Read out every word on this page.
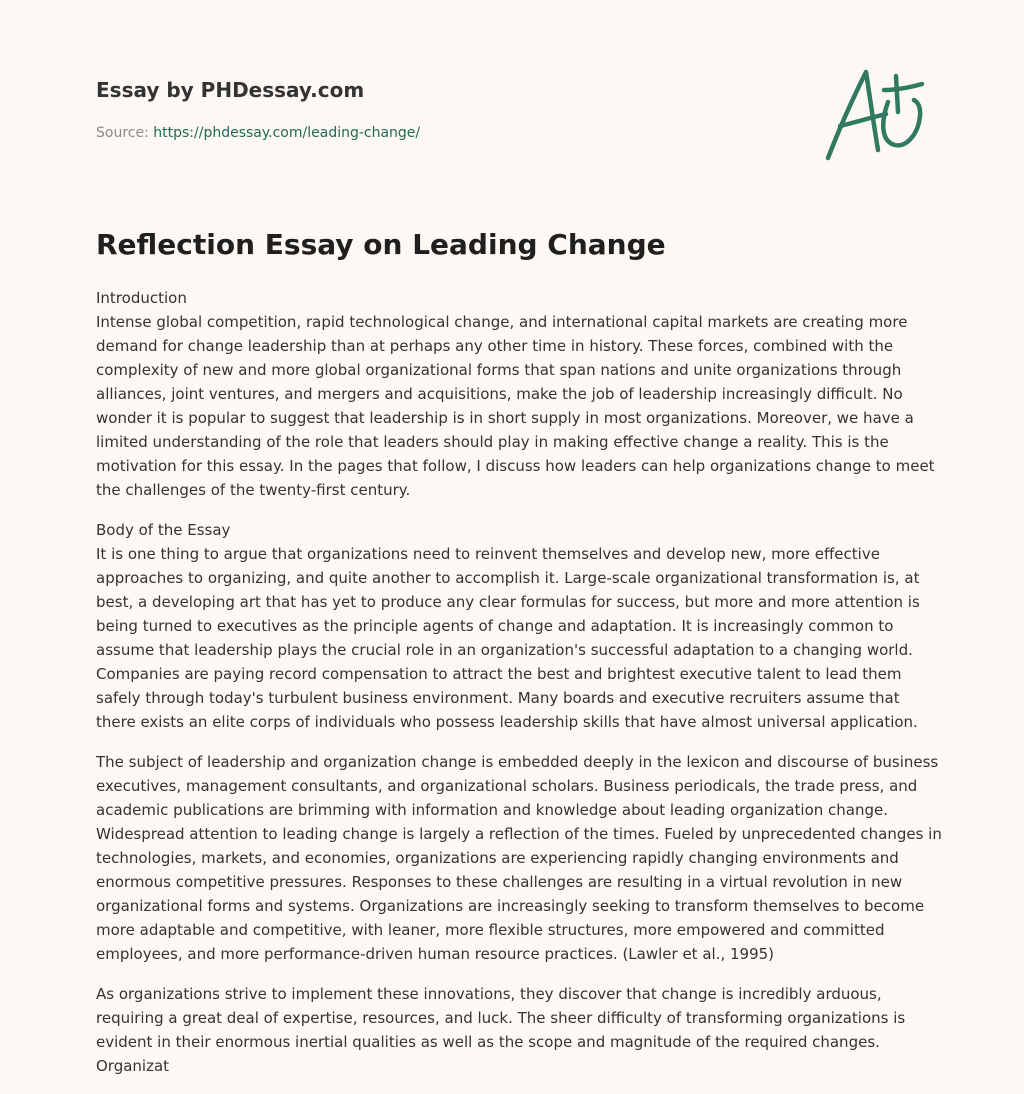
Essay by PHDessay.com

Source: https://phdessay.com/leading-change/

Reflection Essay on Leading Change

Introduction
Intense global competition, rapid technological change, and international capital markets are creating more demand for change leadership than at perhaps any other time in history. These forces, combined with the complexity of new and more global organizational forms that span nations and unite organizations through alliances, joint ventures, and mergers and acquisitions, make the job of leadership increasingly difficult. No wonder it is popular to suggest that leadership is in short supply in most organizations. Moreover, we have a limited understanding of the role that leaders should play in making effective change a reality. This is the motivation for this essay. In the pages that follow, I discuss how leaders can help organizations change to meet the challenges of the twenty-first century.

Body of the Essay
It is one thing to argue that organizations need to reinvent themselves and develop new, more effective approaches to organizing, and quite another to accomplish it. Large-scale organizational transformation is, at best, a developing art that has yet to produce any clear formulas for success, but more and more attention is being turned to executives as the principle agents of change and adaptation. It is increasingly common to assume that leadership plays the crucial role in an organization's successful adaptation to a changing world. Companies are paying record compensation to attract the best and brightest executive talent to lead them safely through today's turbulent business environment. Many boards and executive recruiters assume that there exists an elite corps of individuals who possess leadership skills that have almost universal application.

The subject of leadership and organization change is embedded deeply in the lexicon and discourse of business executives, management consultants, and organizational scholars. Business periodicals, the trade press, and academic publications are brimming with information and knowledge about leading organization change. Widespread attention to leading change is largely a reflection of the times. Fueled by unprecedented changes in technologies, markets, and economies, organizations are experiencing rapidly changing environments and enormous competitive pressures. Responses to these challenges are resulting in a virtual revolution in new organizational forms and systems. Organizations are increasingly seeking to transform themselves to become more adaptable and competitive, with leaner, more flexible structures, more empowered and committed employees, and more performance-driven human resource practices. (Lawler et al., 1995)

As organizations strive to implement these innovations, they discover that change is incredibly arduous, requiring a great deal of expertise, resources, and luck. The sheer difficulty of transforming organizations is evident in their enormous inertial qualities as well as the scope and magnitude of the required changes. Organizat
